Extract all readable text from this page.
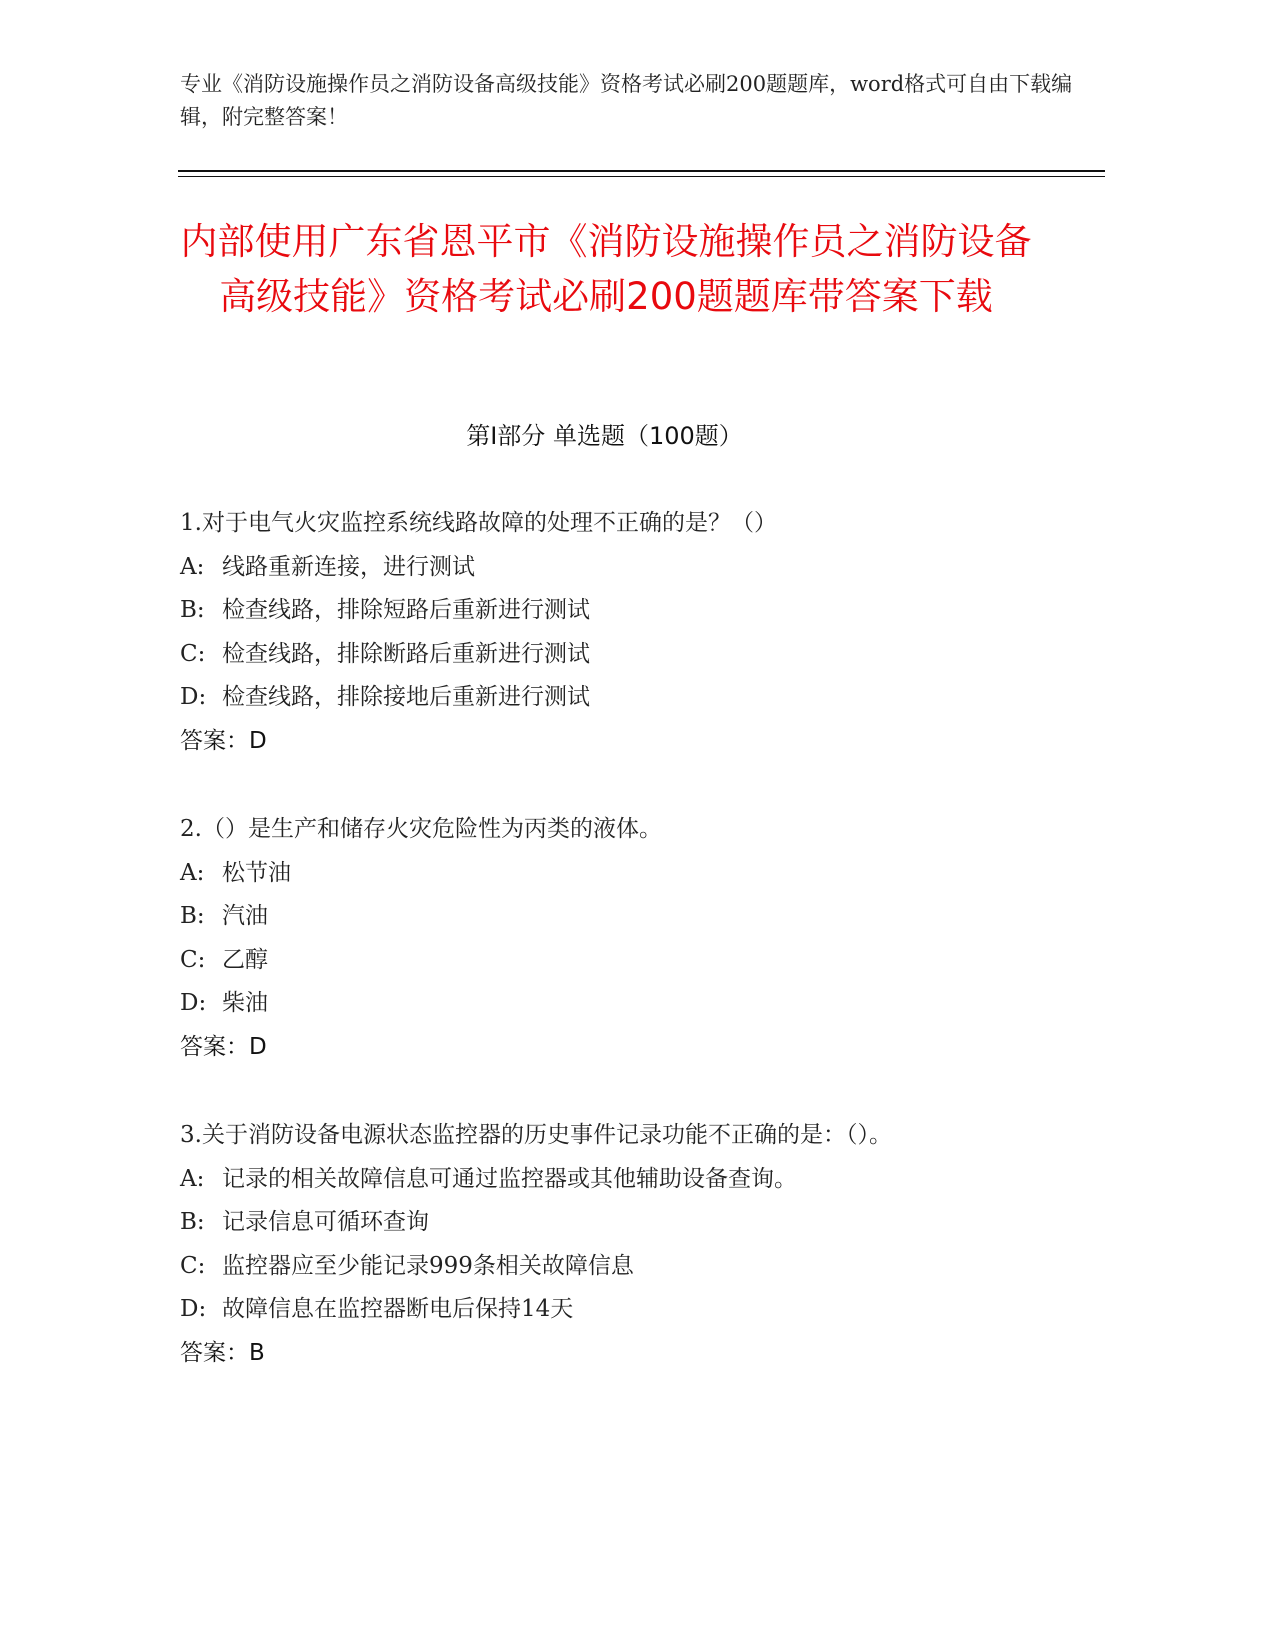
专业《消防设施操作员之消防设备高级技能》资格考试必刷200题题库，word格式可自由下载编辑，附完整答案！
内部使用广东省恩平市《消防设施操作员之消防设备高级技能》资格考试必刷200题题库带答案下载
第I部分 单选题（100题）
1.对于电气火灾监控系统线路故障的处理不正确的是？（）
A: 线路重新连接，进行测试
B: 检查线路，排除短路后重新进行测试
C: 检查线路，排除断路后重新进行测试
D: 检查线路，排除接地后重新进行测试
答案：D
2.（）是生产和储存火灾危险性为丙类的液体。
A: 松节油
B: 汽油
C: 乙醇
D: 柴油
答案：D
3.关于消防设备电源状态监控器的历史事件记录功能不正确的是：（）。
A: 记录的相关故障信息可通过监控器或其他辅助设备查询。
B: 记录信息可循环查询
C: 监控器应至少能记录999条相关故障信息
D: 故障信息在监控器断电后保持14天
答案：B
